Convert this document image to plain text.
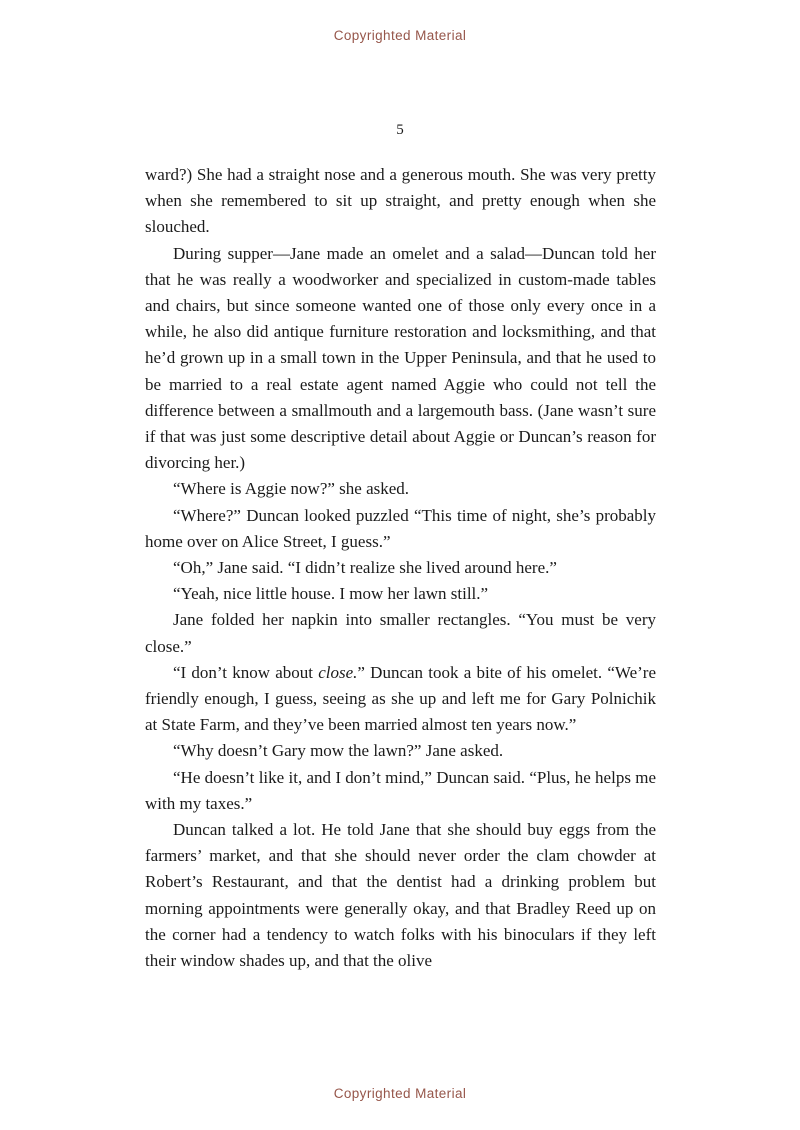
Copyrighted Material
5

ward?) She had a straight nose and a generous mouth. She was very pretty when she remembered to sit up straight, and pretty enough when she slouched.

During supper—Jane made an omelet and a salad—Duncan told her that he was really a woodworker and specialized in custom-made tables and chairs, but since someone wanted one of those only every once in a while, he also did antique furniture restoration and locksmithing, and that he’d grown up in a small town in the Upper Peninsula, and that he used to be married to a real estate agent named Aggie who could not tell the difference between a smallmouth and a largemouth bass. (Jane wasn’t sure if that was just some descriptive detail about Aggie or Duncan’s reason for divorcing her.)

“Where is Aggie now?” she asked.

“Where?” Duncan looked puzzled “This time of night, she’s probably home over on Alice Street, I guess.”

“Oh,” Jane said. “I didn’t realize she lived around here.”

“Yeah, nice little house. I mow her lawn still.”

Jane folded her napkin into smaller rectangles. “You must be very close.”

“I don’t know about close.” Duncan took a bite of his omelet. “We’re friendly enough, I guess, seeing as she up and left me for Gary Polnichik at State Farm, and they’ve been married almost ten years now.”

“Why doesn’t Gary mow the lawn?” Jane asked.

“He doesn’t like it, and I don’t mind,” Duncan said. “Plus, he helps me with my taxes.”

Duncan talked a lot. He told Jane that she should buy eggs from the farmers’ market, and that she should never order the clam chowder at Robert’s Restaurant, and that the dentist had a drinking problem but morning appointments were generally okay, and that Bradley Reed up on the corner had a tendency to watch folks with his binoculars if they left their window shades up, and that the olive

Copyrighted Material
